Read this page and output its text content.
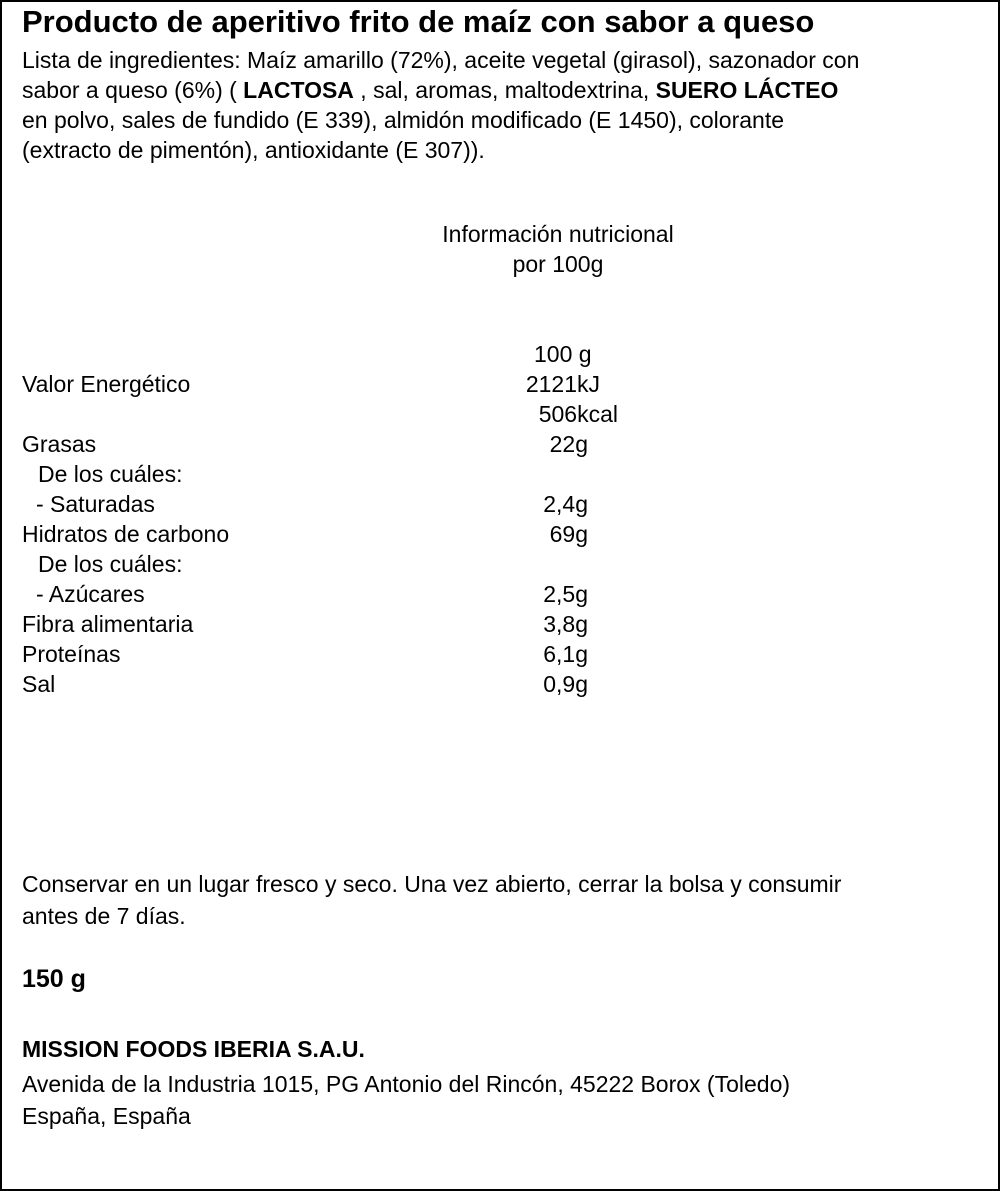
Producto de aperitivo frito de maíz con sabor a queso
Lista de ingredientes: Maíz amarillo (72%), aceite vegetal (girasol), sazonador con
sabor a queso (6%) ( LACTOSA , sal, aromas, maltodextrina, SUERO LÁCTEO
en polvo, sales de fundido (E 339), almidón modificado (E 1450), colorante
(extracto de pimentón), antioxidante (E 307)).
Información nutricional
por 100g
100 g
Valor Energético	2121kJ
506kcal
Grasas	22g
De los cuáles:
- Saturadas	2,4g
Hidratos de carbono	69g
De los cuáles:
- Azúcares	2,5g
Fibra alimentaria	3,8g
Proteínas	6,1g
Sal	0,9g
Conservar en un lugar fresco y seco. Una vez abierto, cerrar la bolsa y consumir
antes de 7 días.
150 g
MISSION FOODS IBERIA S.A.U.
Avenida de la Industria 1015, PG Antonio del Rincón, 45222 Borox (Toledo)
España, España
